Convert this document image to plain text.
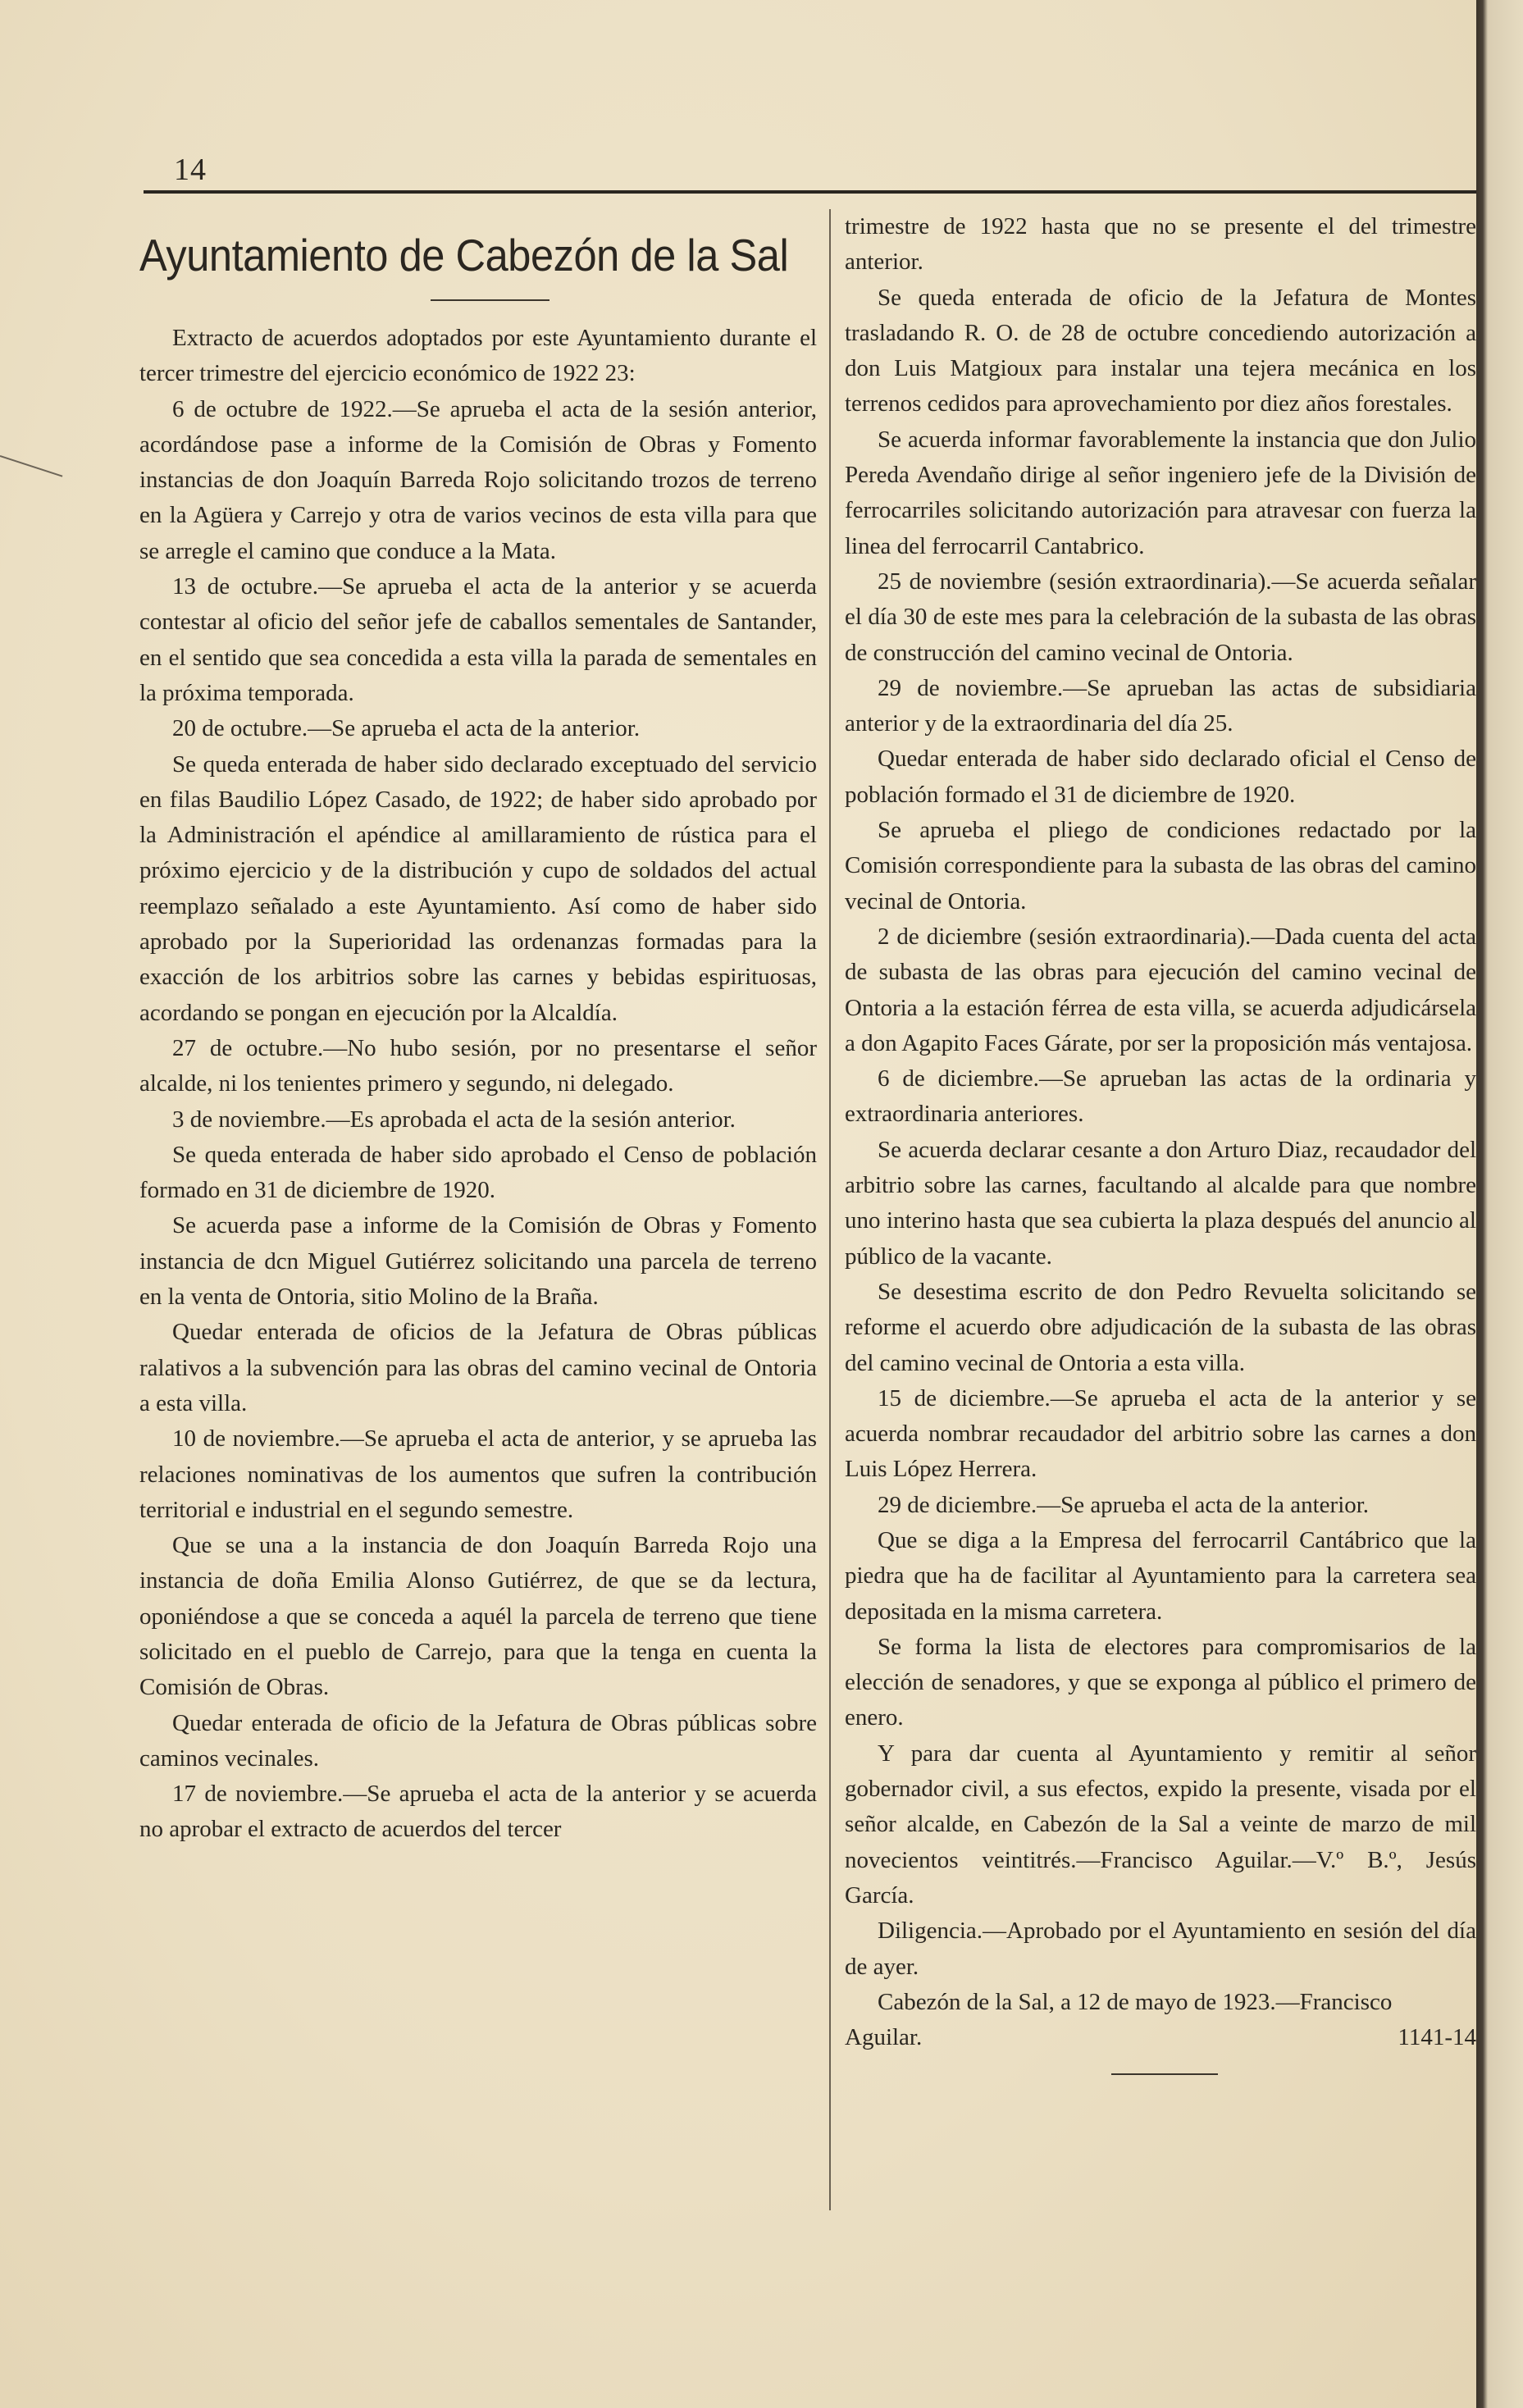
14
Ayuntamiento de Cabezón de la Sal

Extracto de acuerdos adoptados por este Ayuntamiento durante el tercer trimestre del ejercicio económico de 1922 23:

6 de octubre de 1922.—Se aprueba el acta de la sesión anterior, acordándose pase a informe de la Comisión de Obras y Fomento instancias de don Joaquín Barreda Rojo solicitando trozos de terreno en la Agüera y Carrejo y otra de varios vecinos de esta villa para que se arregle el camino que conduce a la Mata.

13 de octubre.—Se aprueba el acta de la anterior y se acuerda contestar al oficio del señor jefe de caballos sementales de Santander, en el sentido que sea concedida a esta villa la parada de sementales en la próxima temporada.

20 de octubre.—Se aprueba el acta de la anterior.

Se queda enterada de haber sido declarado exceptuado del servicio en filas Baudilio López Casado, de 1922; de haber sido aprobado por la Administración el apéndice al amillaramiento de rústica para el próximo ejercicio y de la distribución y cupo de soldados del actual reemplazo señalado a este Ayuntamiento. Así como de haber sido aprobado por la Superioridad las ordenanzas formadas para la exacción de los arbitrios sobre las carnes y bebidas espirituosas, acordando se pongan en ejecución por la Alcaldía.

27 de octubre.—No hubo sesión, por no presentarse el señor alcalde, ni los tenientes primero y segundo, ni delegado.

3 de noviembre.—Es aprobada el acta de la sesión anterior.

Se queda enterada de haber sido aprobado el Censo de población formado en 31 de diciembre de 1920.

Se acuerda pase a informe de la Comisión de Obras y Fomento instancia de dcn Miguel Gutiérrez solicitando una parcela de terreno en la venta de Ontoria, sitio Molino de la Braña.

Quedar enterada de oficios de la Jefatura de Obras públicas ralativos a la subvención para las obras del camino vecinal de Ontoria a esta villa.

10 de noviembre.—Se aprueba el acta de anterior, y se aprueba las relaciones nominativas de los aumentos que sufren la contribución territorial e industrial en el segundo semestre.

Que se una a la instancia de don Joaquín Barreda Rojo una instancia de doña Emilia Alonso Gutiérrez, de que se da lectura, oponiéndose a que se conceda a aquél la parcela de terreno que tiene solicitado en el pueblo de Carrejo, para que la tenga en cuenta la Comisión de Obras.

Quedar enterada de oficio de la Jefatura de Obras públicas sobre caminos vecinales.

17 de noviembre.—Se aprueba el acta de la anterior y se acuerda no aprobar el extracto de acuerdos del tercer

trimestre de 1922 hasta que no se presente el del trimestre anterior.

Se queda enterada de oficio de la Jefatura de Montes trasladando R. O. de 28 de octubre concediendo autorización a don Luis Matgioux para instalar una tejera mecánica en los terrenos cedidos para aprovechamiento por diez años forestales.

Se acuerda informar favorablemente la instancia que don Julio Pereda Avendaño dirige al señor ingeniero jefe de la División de ferrocarriles solicitando autorización para atravesar con fuerza la linea del ferrocarril Cantabrico.

25 de noviembre (sesión extraordinaria).—Se acuerda señalar el día 30 de este mes para la celebración de la subasta de las obras de construcción del camino vecinal de Ontoria.

29 de noviembre.—Se aprueban las actas de subsidiaria anterior y de la extraordinaria del día 25.

Quedar enterada de haber sido declarado oficial el Censo de población formado el 31 de diciembre de 1920.

Se aprueba el pliego de condiciones redactado por la Comisión correspondiente para la subasta de las obras del camino vecinal de Ontoria.

2 de diciembre (sesión extraordinaria).—Dada cuenta del acta de subasta de las obras para ejecución del camino vecinal de Ontoria a la estación férrea de esta villa, se acuerda adjudicársela a don Agapito Faces Gárate, por ser la proposición más ventajosa.

6 de diciembre.—Se aprueban las actas de la ordinaria y extraordinaria anteriores.

Se acuerda declarar cesante a don Arturo Diaz, recaudador del arbitrio sobre las carnes, facultando al alcalde para que nombre uno interino hasta que sea cubierta la plaza después del anuncio al público de la vacante.

Se desestima escrito de don Pedro Revuelta solicitando se reforme el acuerdo obre adjudicación de la subasta de las obras del camino vecinal de Ontoria a esta villa.

15 de diciembre.—Se aprueba el acta de la anterior y se acuerda nombrar recaudador del arbitrio sobre las carnes a don Luis López Herrera.

29 de diciembre.—Se aprueba el acta de la anterior.

Que se diga a la Empresa del ferrocarril Cantábrico que la piedra que ha de facilitar al Ayuntamiento para la carretera sea depositada en la misma carretera.

Se forma la lista de electores para compromisarios de la elección de senadores, y que se exponga al público el primero de enero.

Y para dar cuenta al Ayuntamiento y remitir al señor gobernador civil, a sus efectos, expido la presente, visada por el señor alcalde, en Cabezón de la Sal a veinte de marzo de mil novecientos veintitrés.—Francisco Aguilar.—V.º B.º, Jesús García.

Diligencia.—Aprobado por el Ayuntamiento en sesión del día de ayer.

Cabezón de la Sal, a 12 de mayo de 1923.—Francisco

Aguilar.	1141-14
